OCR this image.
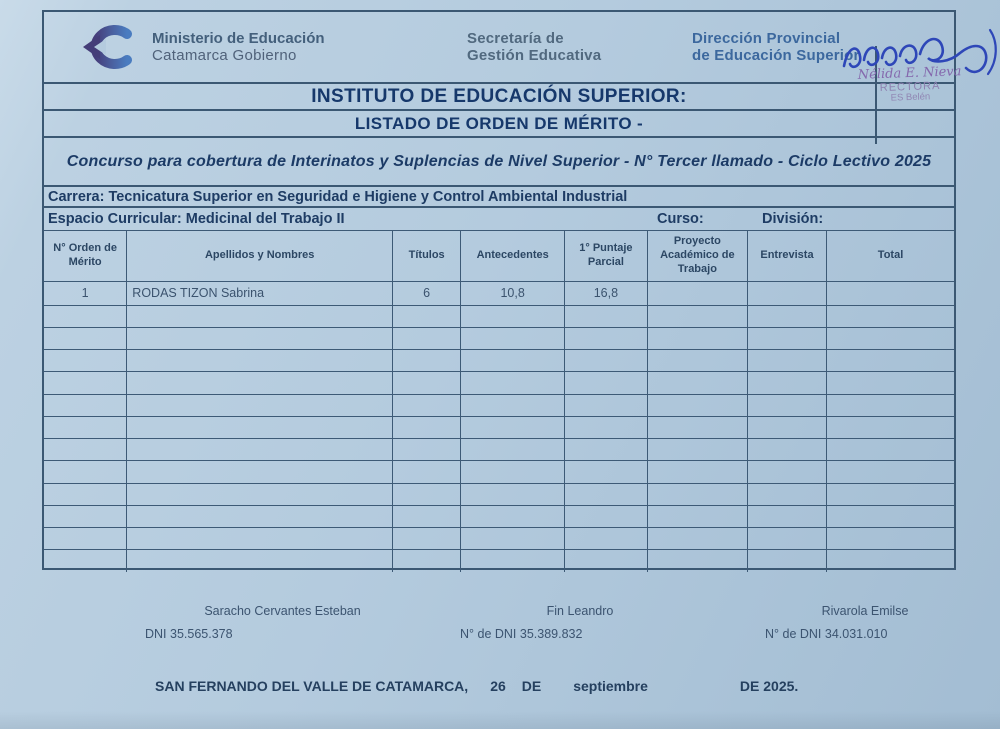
Ministerio de Educación
Catamarca Gobierno
Secretaría de
Gestión Educativa
Dirección Provincial
de Educación Superior
INSTITUTO DE EDUCACIÓN SUPERIOR:
LISTADO DE ORDEN DE MÉRITO -
Concurso para cobertura de Interinatos y Suplencias de Nivel Superior - N° Tercer llamado - Ciclo Lectivo 2025
Carrera: Tecnicatura Superior en Seguridad e Higiene y Control Ambiental Industrial
Espacio Curricular: Medicinal del Trabajo II	Curso:	División:
N° Orden de Mérito	Apellidos y Nombres	Títulos	Antecedentes	1° Puntaje Parcial	Proyecto Académico de Trabajo	Entrevista	Total
1	RODAS TIZON Sabrina	6	10,8	16,8			

Nélida E. Nieva
RECTORA
ES Belén
Saracho Cervantes Esteban
DNI 35.565.378
Fin Leandro
N° de DNI 35.389.832
Rivarola Emilse
N° de DNI 34.031.010
SAN FERNANDO DEL VALLE DE CATAMARCA, 26 DE septiembre	DE 2025.
